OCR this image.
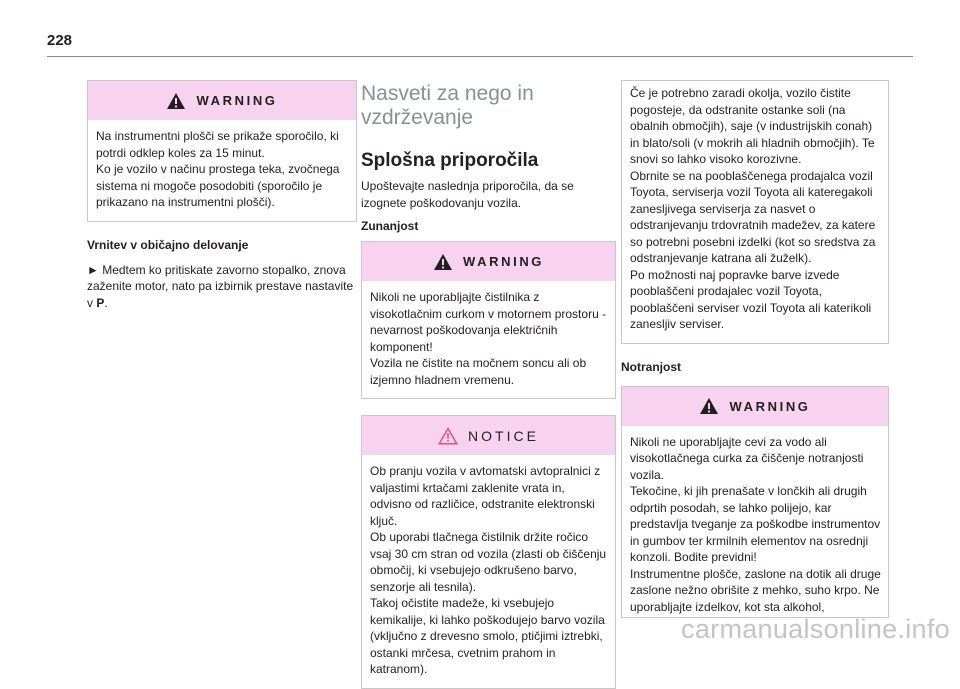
228
WARNING
Na instrumentni plošči se prikaže sporočilo, ki potrdi odklep koles za 15 minut.
Ko je vozilo v načinu prostega teka, zvočnega sistema ni mogoče posodobiti (sporočilo je prikazano na instrumentni plošči).
Vrnitev v običajno delovanje
► Medtem ko pritiskate zavorno stopalko, znova zaženite motor, nato pa izbirnik prestave nastavite v P.
Nasveti za nego in
vzdrževanje
Splošna priporočila
Upoštevajte naslednja priporočila, da se izognete poškodovanju vozila.
Zunanjost
WARNING
Nikoli ne uporabljajte čistilnika z visokotlačnim curkom v motornem prostoru - nevarnost poškodovanja električnih komponent!
Vozila ne čistite na močnem soncu ali ob izjemno hladnem vremenu.
NOTICE
Ob pranju vozila v avtomatski avtopralnici z valjastimi krtačami zaklenite vrata in, odvisno od različice, odstranite elektronski ključ.
Ob uporabi tlačnega čistilnik držite ročico vsaj 30 cm stran od vozila (zlasti ob čiščenju območij, ki vsebujejo odkrušeno barvo, senzorje ali tesnila).
Takoj očistite madeže, ki vsebujejo kemikalije, ki lahko poškodujejo barvo vozila (vključno z drevesno smolo, ptičjimi iztrebki, ostanki mrčesa, cvetnim prahom in katranom).
Če je potrebno zaradi okolja, vozilo čistite pogosteje, da odstranite ostanke soli (na obalnih območjih), saje (v industrijskih conah) in blato/soli (v mokrih ali hladnih območjih). Te snovi so lahko visoko korozivne.
Obrnite se na pooblaščenega prodajalca vozil Toyota, serviserja vozil Toyota ali kateregakoli zanesljivega serviserja za nasvet o odstranjevanju trdovratnih madežev, za katere so potrebni posebni izdelki (kot so sredstva za odstranjevanje katrana ali žuželk).
Po možnosti naj popravke barve izvede pooblaščeni prodajalec vozil Toyota, pooblaščeni serviser vozil Toyota ali katerikoli zanesljiv serviser.
Notranjost
WARNING
Nikoli ne uporabljajte cevi za vodo ali visokotlačnega curka za čiščenje notranjosti vozila.
Tekočine, ki jih prenašate v lončkih ali drugih odprtih posodah, se lahko polijejo, kar predstavlja tveganje za poškodbe instrumentov in gumbov ter krmilnih elementov na osrednji konzoli. Bodite previdni!
Instrumentne plošče, zaslone na dotik ali druge zaslone nežno obrišite z mehko, suho krpo. Ne uporabljajte izdelkov, kot sta alkohol,
carmanualsonline.info
